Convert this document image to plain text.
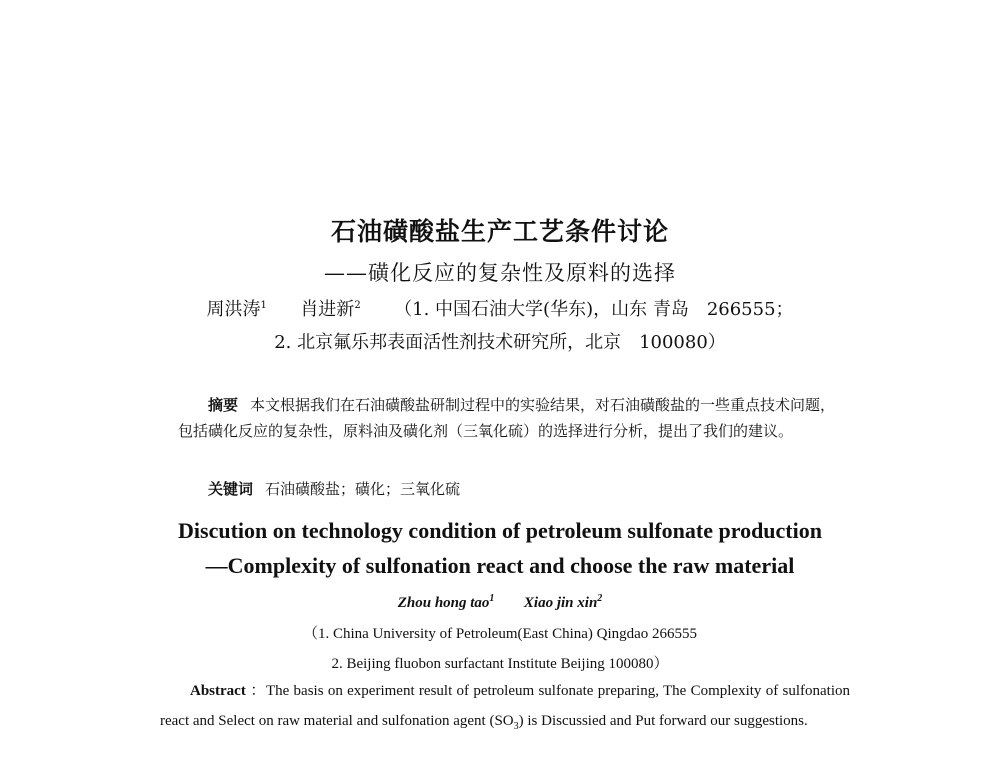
石油磺酸盐生产工艺条件讨论
——磺化反应的复杂性及原料的选择
周洪涛$^1$ 肖进新$^2$ （1. 中国石油大学(华东)，山东 青岛　266555；
2. 北京氟乐邦表面活性剂技术研究所，北京　100080）
摘要 本文根据我们在石油磺酸盐研制过程中的实验结果，对石油磺酸盐的一些重点技术问题，包括磺化反应的复杂性，原料油及磺化剂（三氧化硫）的选择进行分析，提出了我们的建议。
关键词 石油磺酸盐；磺化；三氧化硫
Discution on technology condition of petroleum sulfonate production
—Complexity of sulfonation react and choose the raw material
Zhou hong tao$^1$ Xiao jin xin$^2$
（1. China University of Petroleum(East China) Qingdao 266555
2. Beijing fluobon surfactant Institute Beijing 100080）
Abstract ：The basis on experiment result of petroleum sulfonate preparing, The Complexity of sulfonation react and Select on raw material and sulfonation agent $(SO_3)$ is Discussied and Put forward our suggestions.
